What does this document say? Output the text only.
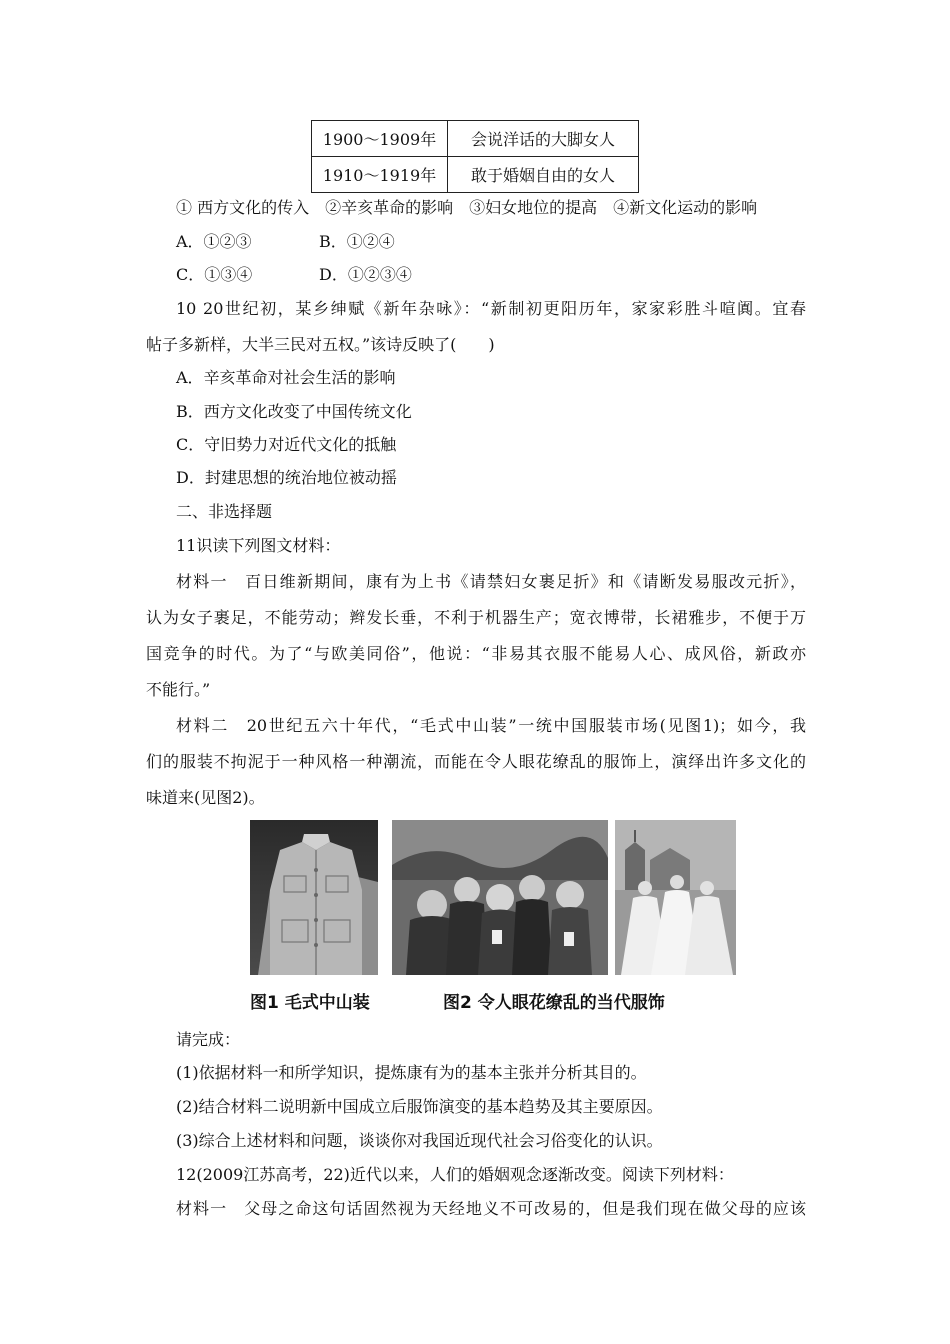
1900～1909年	会说洋话的大脚女人
1910～1919年	敢于婚姻自由的女人
① 西方文化的传入　②辛亥革命的影响　③妇女地位的提高　④新文化运动的影响
A．①②③	B．①②④
C．①③④	D．①②③④
10 20世纪初，某乡绅赋《新年杂咏》：“新制初更阳历年，家家彩胜斗喧阗。宜春
帖子多新样，大半三民对五权。”该诗反映了(　　)
A．辛亥革命对社会生活的影响
B．西方文化改变了中国传统文化
C．守旧势力对近代文化的抵触
D．封建思想的统治地位被动摇
二、非选择题
11识读下列图文材料：
材料一　百日维新期间，康有为上书《请禁妇女裹足折》和《请断发易服改元折》，
认为女子裹足，不能劳动；辫发长垂，不利于机器生产；宽衣博带，长裙雅步，不便于万
国竞争的时代。为了“与欧美同俗”，他说：“非易其衣服不能易人心、成风俗，新政亦
不能行。”
材料二　20世纪五六十年代，“毛式中山装”一统中国服装市场(见图1)；如今，我
们的服装不拘泥于一种风格一种潮流，而能在令人眼花缭乱的服饰上，演绎出许多文化的
味道来(见图2)。
图1 毛式中山装	图2 令人眼花缭乱的当代服饰
请完成：
(1)依据材料一和所学知识，提炼康有为的基本主张并分析其目的。
(2)结合材料二说明新中国成立后服饰演变的基本趋势及其主要原因。
(3)综合上述材料和问题，谈谈你对我国近现代社会习俗变化的认识。
12(2009江苏高考，22)近代以来，人们的婚姻观念逐渐改变。阅读下列材料：
材料一　父母之命这句话固然视为天经地义不可改易的，但是我们现在做父母的应该
